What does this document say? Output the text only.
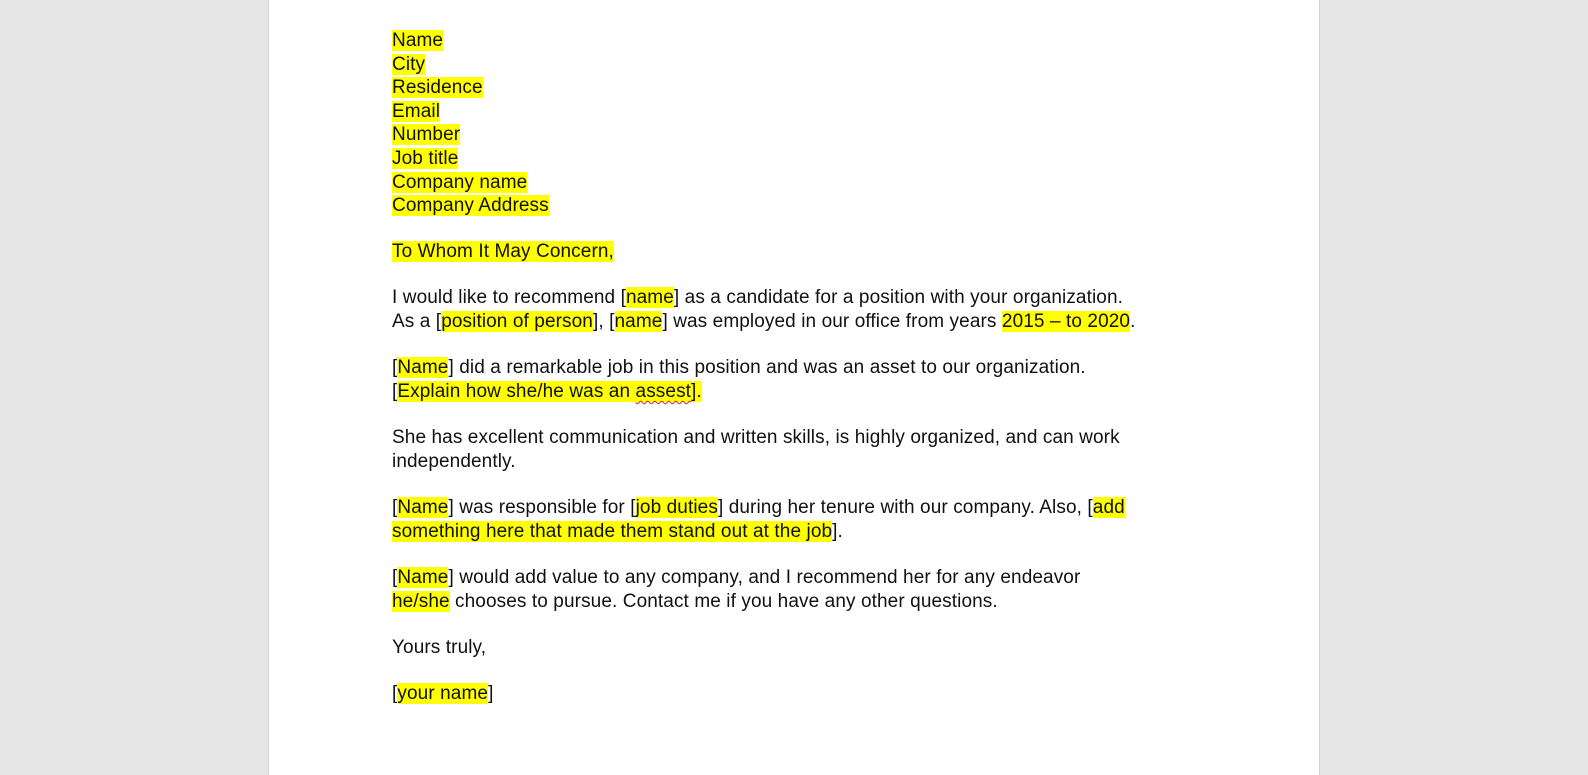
Name

City

Residence

Email

Number

Job title

Company name

Company Address

To Whom It May Concern,

I would like to recommend [name] as a candidate for a position with your organization.

As a [position of person], [name] was employed in our office from years 2015 – to 2020.

[Name] did a remarkable job in this position and was an asset to our organization.

[Explain how she/he was an assest].

She has excellent communication and written skills, is highly organized, and can work

independently.

[Name] was responsible for [job duties] during her tenure with our company. Also, [add

something here that made them stand out at the job].

[Name] would add value to any company, and I recommend her for any endeavor

he/she chooses to pursue. Contact me if you have any other questions.

Yours truly,

[your name]
